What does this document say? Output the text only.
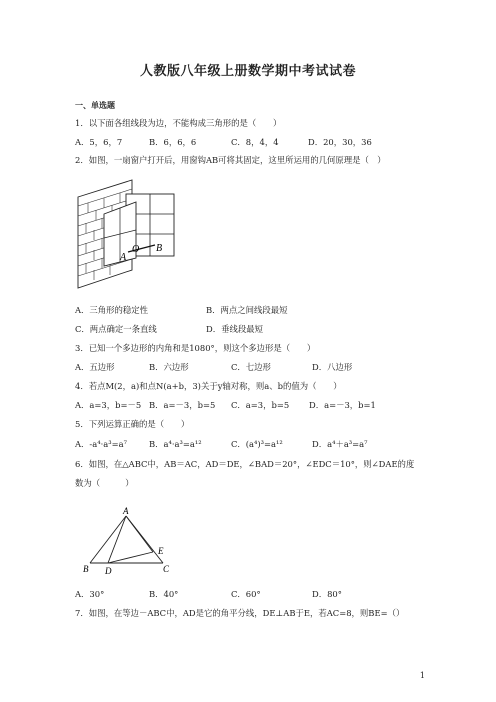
人教版八年级上册数学期中考试试卷
一、单选题
1．以下面各组线段为边，不能构成三角形的是（　　）
A．5，6，7	B．6，6，6	C．8，4，4	D．20，30，36
2．如图，一扇窗户打开后，用窗钩AB可将其固定，这里所运用的几何原理是（　）
A
O B
A．三角形的稳定性	B．两点之间线段最短
C．两点确定一条直线	D．垂线段最短
3．已知一个多边形的内角和是1080°，则这个多边形是（　　）
A．五边形	B．六边形	C．七边形	D．八边形
4．若点M(2，a)和点N(a+b，3)关于y轴对称，则a、b的值为（　　）
A．a=3，b=－5 B．a=－3，b=5 C．a=3，b=5 D．a=－3，b=1
5．下列运算正确的是（　　）
A．-a⁴·a³=a⁷	B．a⁴·a³=a¹²	C．(a⁴)³=a¹²	D．a⁴＋a³=a⁷
6．如图，在△ABC中，AB＝AC，AD＝DE，∠BAD＝20°，∠EDC＝10°，则∠DAE的度
数为（　　　）
A
E
B D	C
A．30°	B．40°	C．60°	D．80°
7．如图，在等边－ABC中，AD是它的角平分线，DE⊥AB于E，若AC=8，则BE=（）
1
